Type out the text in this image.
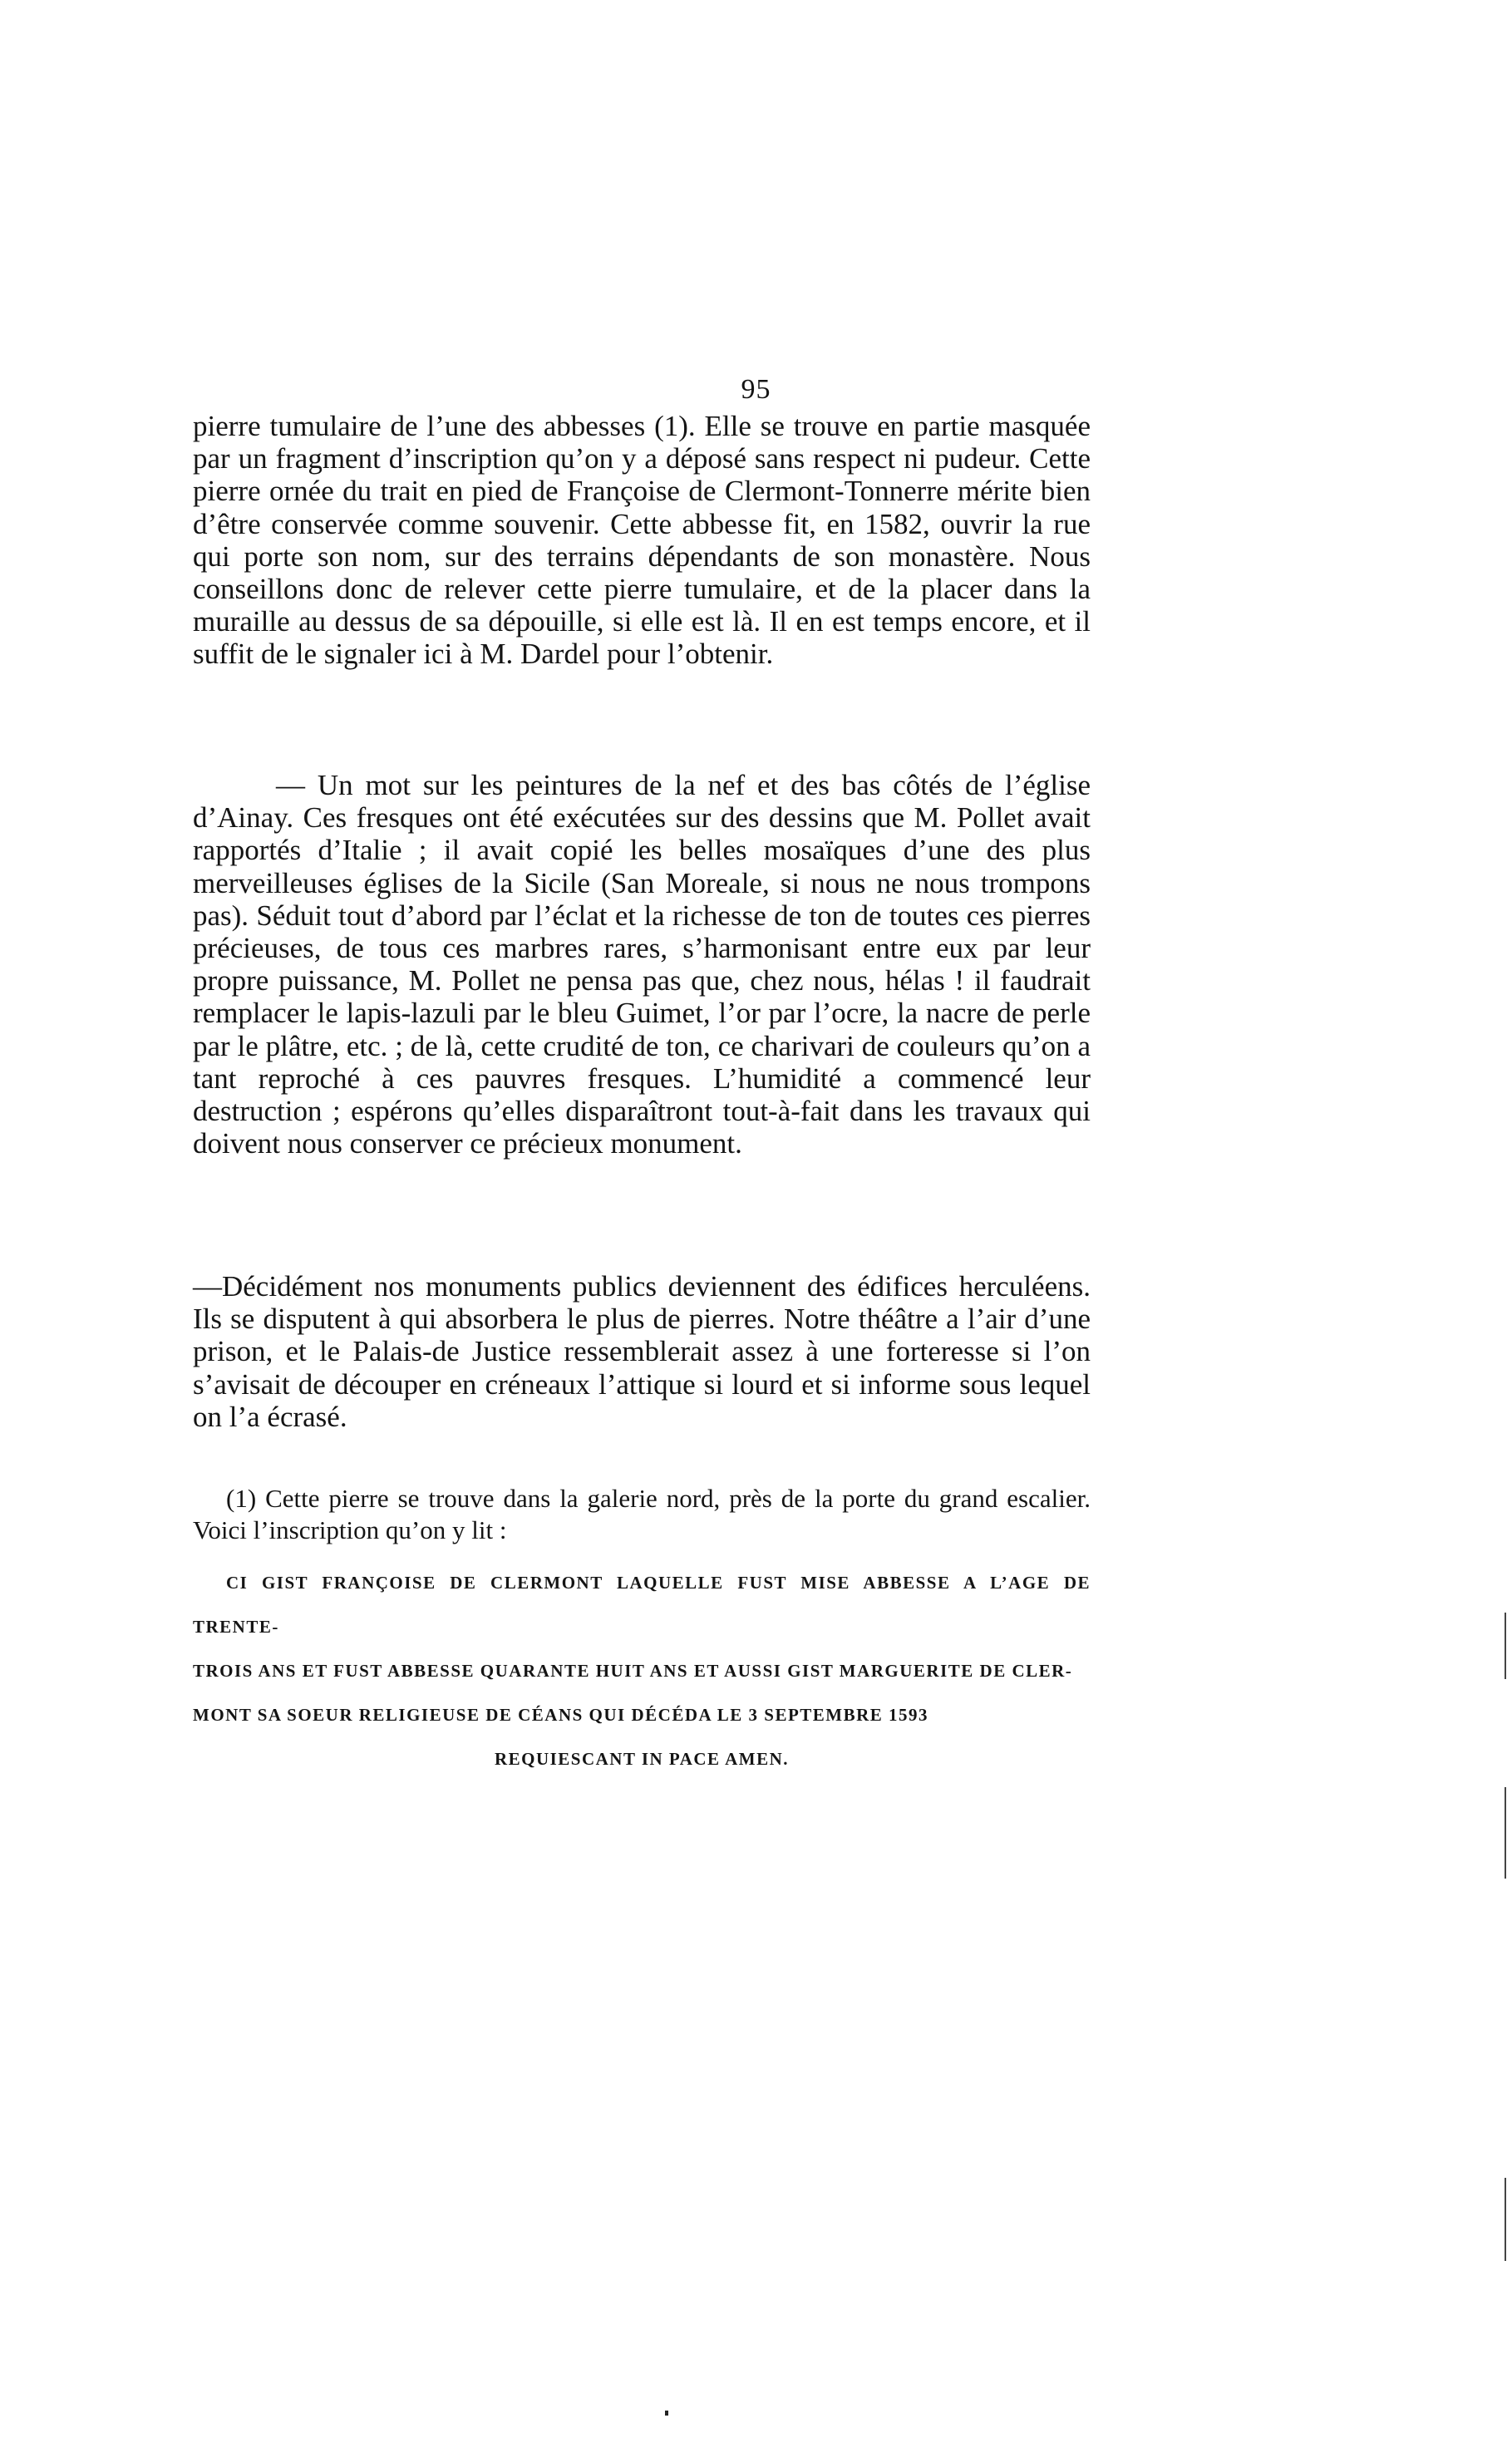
95

pierre tumulaire de l’une des abbesses (1). Elle se trouve en partie masquée par un fragment d’inscription qu’on y a déposé sans respect ni pudeur. Cette pierre ornée du trait en pied de Françoise de Clermont-Tonnerre mérite bien d’être conservée comme souvenir. Cette abbesse fit, en 1582, ouvrir la rue qui porte son nom, sur des terrains dépendants de son monastère. Nous conseillons donc de relever cette pierre tumulaire, et de la placer dans la muraille au dessus de sa dépouille, si elle est là. Il en est temps encore, et il suffit de le signaler ici à M. Dardel pour l’obtenir.

— Un mot sur les peintures de la nef et des bas côtés de l’église d’Ainay. Ces fresques ont été exécutées sur des dessins que M. Pollet avait rapportés d’Italie ; il avait copié les belles mosaïques d’une des plus merveilleuses églises de la Sicile (San Moreale, si nous ne nous trompons pas). Séduit tout d’abord par l’éclat et la richesse de ton de toutes ces pierres précieuses, de tous ces marbres rares, s’harmonisant entre eux par leur propre puissance, M. Pollet ne pensa pas que, chez nous, hélas ! il faudrait remplacer le lapis-lazuli par le bleu Guimet, l’or par l’ocre, la nacre de perle par le plâtre, etc. ; de là, cette crudité de ton, ce charivari de couleurs qu’on a tant reproché à ces pauvres fresques. L’humidité a commencé leur destruction ; espérons qu’elles disparaîtront tout-à-fait dans les travaux qui doivent nous conserver ce précieux monument.

—Décidément nos monuments publics deviennent des édifices herculéens. Ils se disputent à qui absorbera le plus de pierres. Notre théâtre a l’air d’une prison, et le Palais-de Justice ressemblerait assez à une forteresse si l’on s’avisait de découper en créneaux l’attique si lourd et si informe sous lequel on l’a écrasé.

(1) Cette pierre se trouve dans la galerie nord, près de la porte du grand escalier. Voici l’inscription qu’on y lit :
CI GIST FRANÇOISE DE CLERMONT LAQUELLE FUST MISE ABBESSE A L’AGE DE TRENTE-
TROIS ANS ET FUST ABBESSE QUARANTE HUIT ANS ET AUSSI GIST MARGUERITE DE CLER-
MONT SA SOEUR RELIGIEUSE DE CÉANS QUI DÉCÉDA LE 3 SEPTEMBRE 1593
REQUIESCANT IN PACE AMEN.
